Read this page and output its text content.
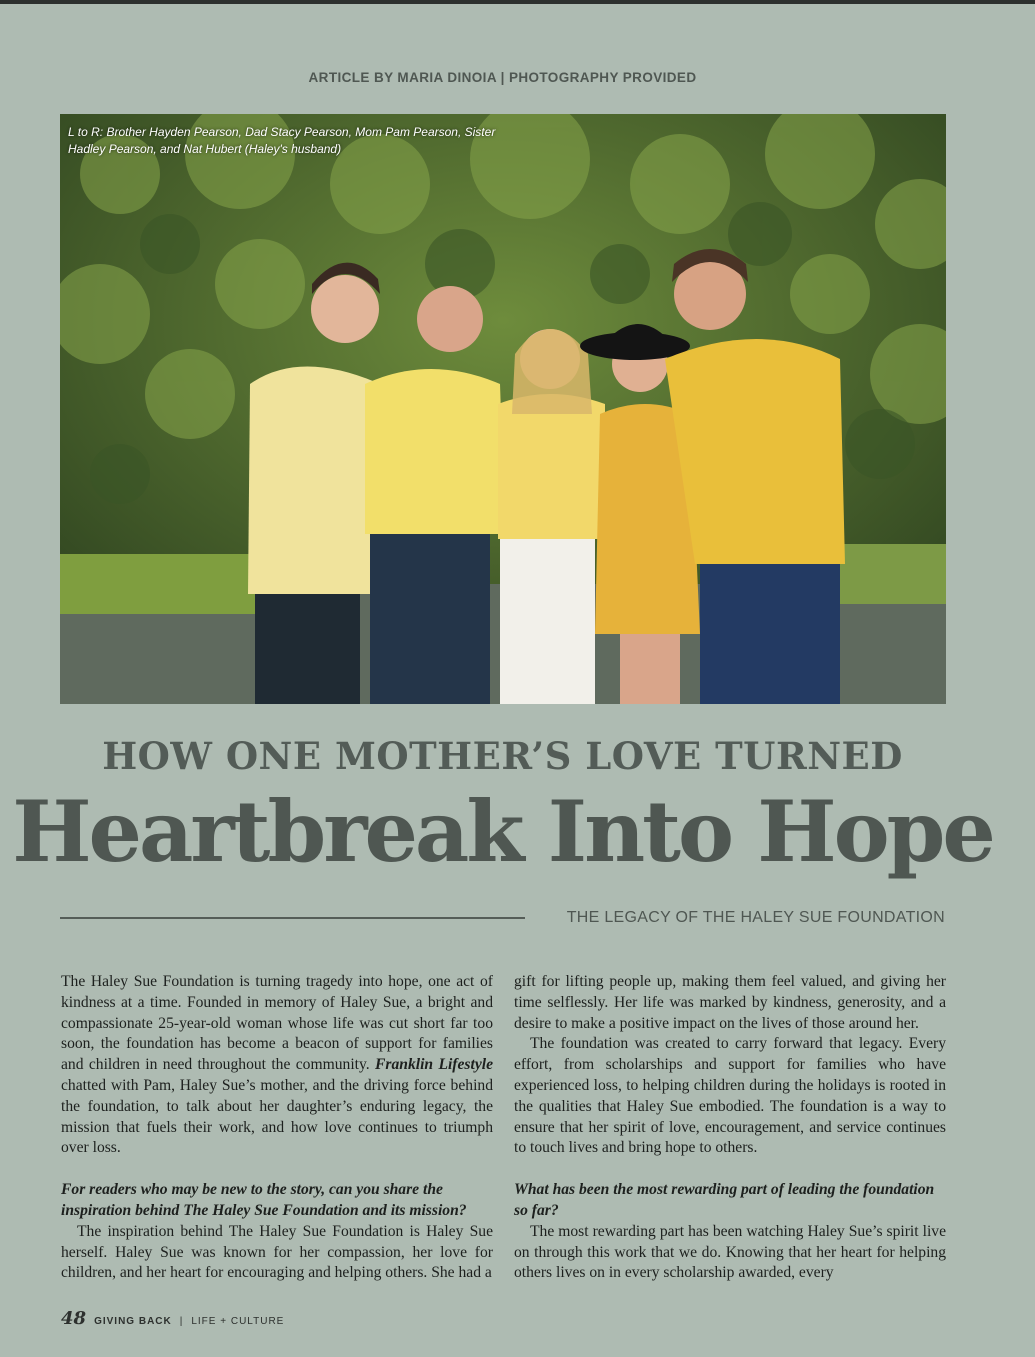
ARTICLE BY MARIA DINOIA | PHOTOGRAPHY PROVIDED
L to R: Brother Hayden Pearson, Dad Stacy Pearson, Mom Pam Pearson, Sister Hadley Pearson, and Nat Hubert (Haley's husband)
HOW ONE MOTHER’S LOVE TURNED
Heartbreak Into Hope
THE LEGACY OF THE HALEY SUE FOUNDATION

The Haley Sue Foundation is turning tragedy into hope, one act of kindness at a time. Founded in memory of Haley Sue, a bright and compassionate 25-year-old woman whose life was cut short far too soon, the foundation has become a beacon of support for families and children in need throughout the community. Franklin Lifestyle chatted with Pam, Haley Sue’s mother, and the driving force behind the foundation, to talk about her daughter’s enduring legacy, the mission that fuels their work, and how love continues to triumph over loss.

For readers who may be new to the story, can you share the inspiration behind The Haley Sue Foundation and its mission?

The inspiration behind The Haley Sue Foundation is Haley Sue herself. Haley Sue was known for her compassion, her love for children, and her heart for encouraging and helping others. She had a

gift for lifting people up, making them feel valued, and giving her time selflessly. Her life was marked by kindness, generosity, and a desire to make a positive impact on the lives of those around her.

The foundation was created to carry forward that legacy. Every effort, from scholarships and support for families who have experienced loss, to helping children during the holidays is rooted in the qualities that Haley Sue embodied. The foundation is a way to ensure that her spirit of love, encouragement, and service continues to touch lives and bring hope to others.

What has been the most rewarding part of leading the foundation so far?

The most rewarding part has been watching Haley Sue’s spirit live on through this work that we do. Knowing that her heart for helping others lives on in every scholarship awarded, every

48 GIVING BACK | LIFE + CULTURE
